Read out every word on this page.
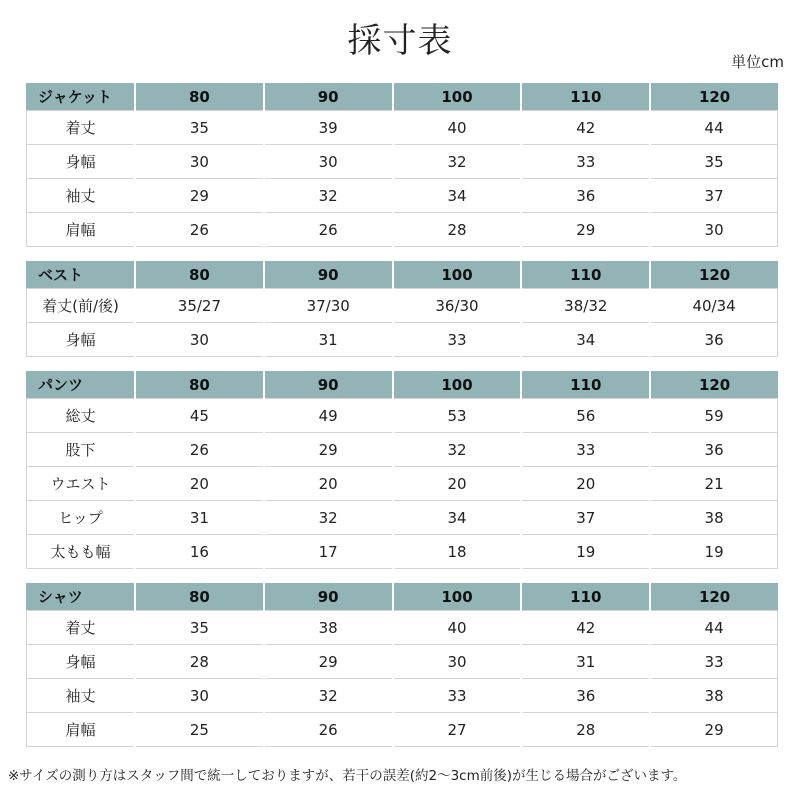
採寸表
単位cm
ジャケット	80	90	100	110	120
着丈	35	39	40	42	44
身幅	30	30	32	33	35
袖丈	29	32	34	36	37
肩幅	26	26	28	29	30
ベスト	80	90	100	110	120
着丈(前/後)	35/27	37/30	36/30	38/32	40/34
身幅	30	31	33	34	36
パンツ	80	90	100	110	120
総丈	45	49	53	56	59
股下	26	29	32	33	36
ウエスト	20	20	20	20	21
ヒップ	31	32	34	37	38
太もも幅	16	17	18	19	19
シャツ	80	90	100	110	120
着丈	35	38	40	42	44
身幅	28	29	30	31	33
袖丈	30	32	33	36	38
肩幅	25	26	27	28	29
※サイズの測り方はスタッフ間で統一しておりますが、若干の誤差(約2〜3cm前後)が生じる場合がございます。
